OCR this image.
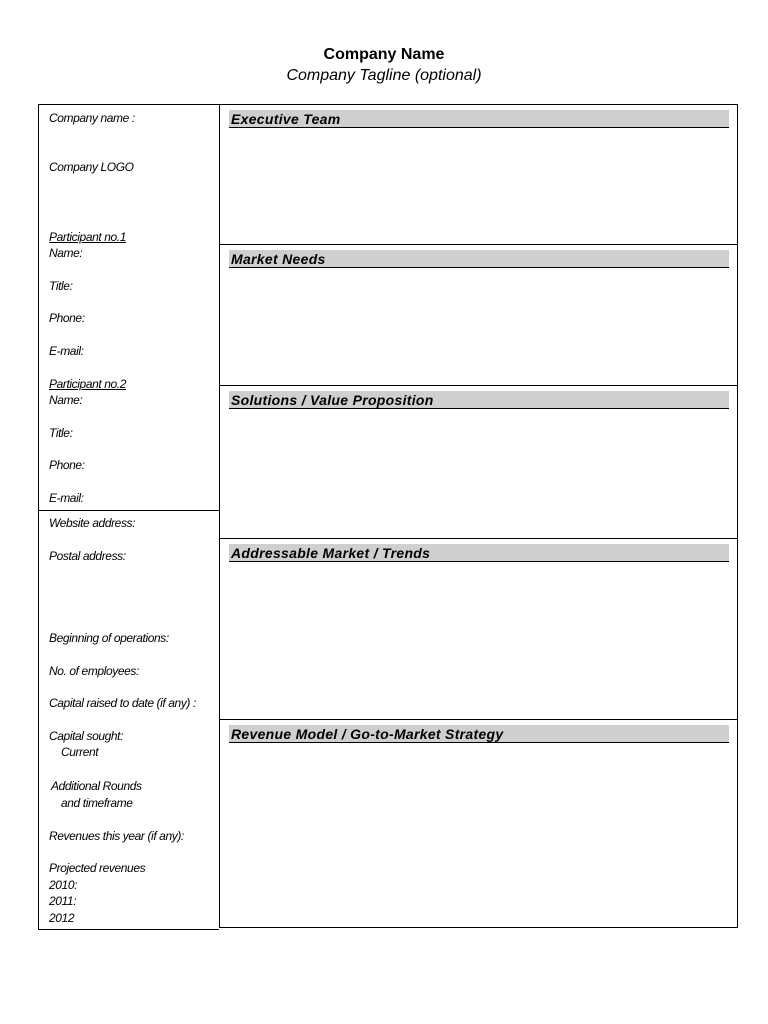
Company Name
Company Tagline (optional)
Company name :
Company LOGO
Participant no.1
Name:
Title:
Phone:
E-mail:
Participant no.2
Name:
Title:
Phone:
E-mail:
Website address:
Postal address:
Beginning of operations:
No. of employees:
Capital raised to date (if any) :
Capital sought:
Current
Additional Rounds
and timeframe
Revenues this year (if any):
Projected revenues
2010:
2011:
2012
Executive Team
Market Needs
Solutions / Value Proposition
Addressable Market / Trends
Revenue Model / Go-to-Market Strategy
